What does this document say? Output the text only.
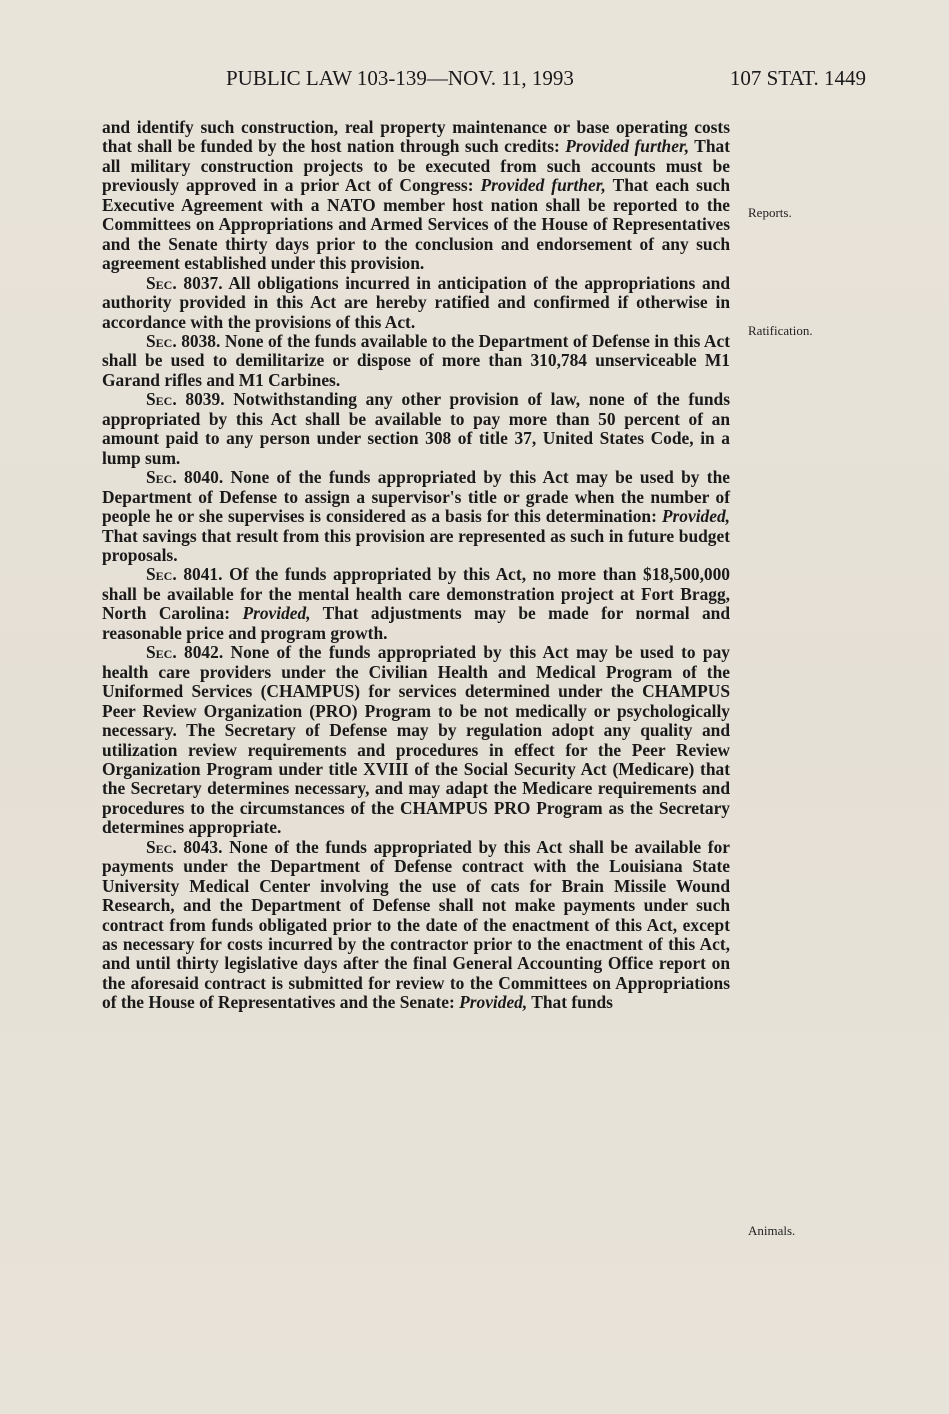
PUBLIC LAW 103-139—NOV. 11, 1993	107 STAT. 1449

and identify such construction, real property maintenance or base operating costs that shall be funded by the host nation through such credits: Provided further, That all military construction projects to be executed from such accounts must be previously approved in a prior Act of Congress: Provided further, That each such Executive Agreement with a NATO member host nation shall be reported to the Committees on Appropriations and Armed Services of the House of Representatives and the Senate thirty days prior to the conclusion and endorsement of any such agreement established under this provision.

Sec. 8037. All obligations incurred in anticipation of the appropriations and authority provided in this Act are hereby ratified and confirmed if otherwise in accordance with the provisions of this Act.

Sec. 8038. None of the funds available to the Department of Defense in this Act shall be used to demilitarize or dispose of more than 310,784 unserviceable M1 Garand rifles and M1 Carbines.

Sec. 8039. Notwithstanding any other provision of law, none of the funds appropriated by this Act shall be available to pay more than 50 percent of an amount paid to any person under section 308 of title 37, United States Code, in a lump sum.

Sec. 8040. None of the funds appropriated by this Act may be used by the Department of Defense to assign a supervisor's title or grade when the number of people he or she supervises is considered as a basis for this determination: Provided, That savings that result from this provision are represented as such in future budget proposals.

Sec. 8041. Of the funds appropriated by this Act, no more than $18,500,000 shall be available for the mental health care demonstration project at Fort Bragg, North Carolina: Provided, That adjustments may be made for normal and reasonable price and program growth.

Sec. 8042. None of the funds appropriated by this Act may be used to pay health care providers under the Civilian Health and Medical Program of the Uniformed Services (CHAMPUS) for services determined under the CHAMPUS Peer Review Organization (PRO) Program to be not medically or psychologically necessary. The Secretary of Defense may by regulation adopt any quality and utilization review requirements and procedures in effect for the Peer Review Organization Program under title XVIII of the Social Security Act (Medicare) that the Secretary determines necessary, and may adapt the Medicare requirements and procedures to the circumstances of the CHAMPUS PRO Program as the Secretary determines appropriate.

Sec. 8043. None of the funds appropriated by this Act shall be available for payments under the Department of Defense contract with the Louisiana State University Medical Center involving the use of cats for Brain Missile Wound Research, and the Department of Defense shall not make payments under such contract from funds obligated prior to the date of the enactment of this Act, except as necessary for costs incurred by the contractor prior to the enactment of this Act, and until thirty legislative days after the final General Accounting Office report on the aforesaid contract is submitted for review to the Committees on Appropriations of the House of Representatives and the Senate: Provided, That funds

Reports.
Ratification.
Animals.
